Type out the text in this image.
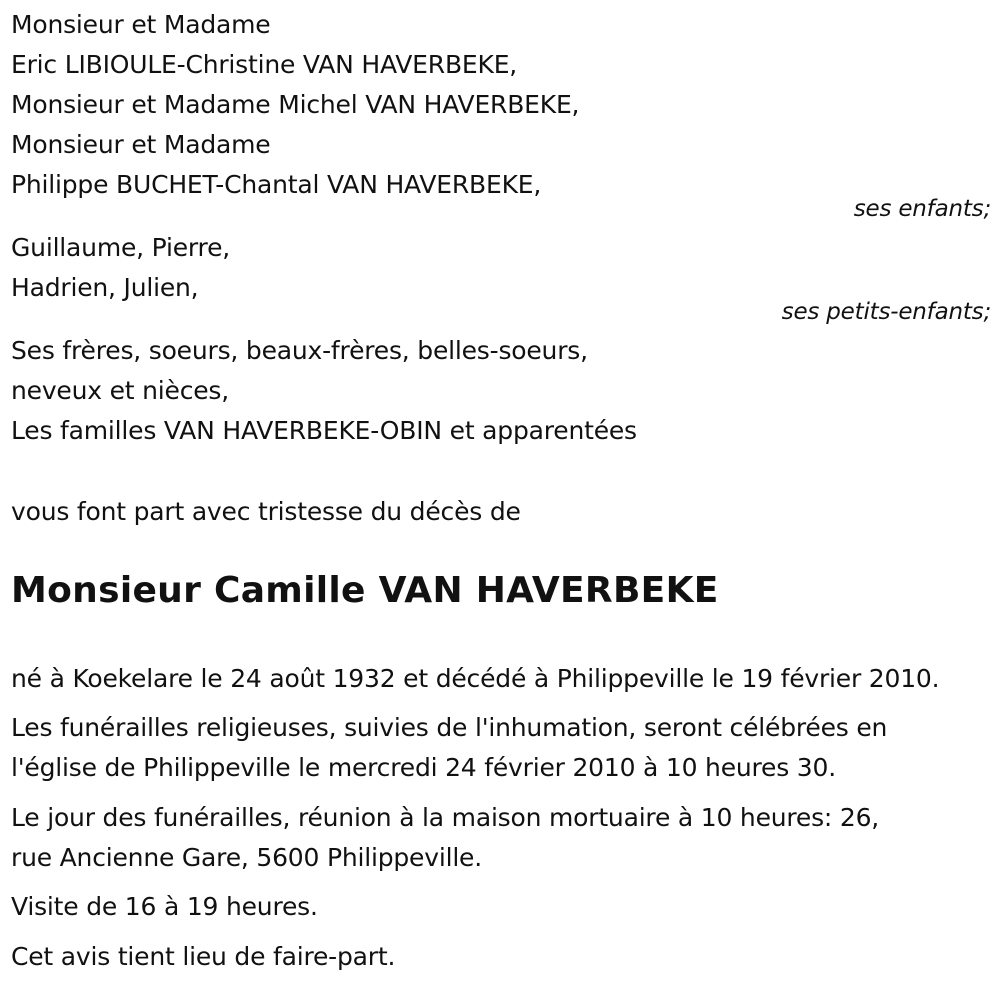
Monsieur et Madame
Eric LIBIOULE-Christine VAN HAVERBEKE,
Monsieur et Madame Michel VAN HAVERBEKE,
Monsieur et Madame
Philippe BUCHET-Chantal VAN HAVERBEKE,
ses enfants;
Guillaume, Pierre,
Hadrien, Julien,
ses petits-enfants;
Ses frères, soeurs, beaux-frères, belles-soeurs,
neveux et nièces,
Les familles VAN HAVERBEKE-OBIN et apparentées
vous font part avec tristesse du décès de
Monsieur Camille VAN HAVERBEKE
né à Koekelare le 24 août 1932 et décédé à Philippeville le 19 février 2010.
Les funérailles religieuses, suivies de l'inhumation, seront célébrées en
l'église de Philippeville le mercredi 24 février 2010 à 10 heures 30.
Le jour des funérailles, réunion à la maison mortuaire à 10 heures: 26,
rue Ancienne Gare, 5600 Philippeville.
Visite de 16 à 19 heures.
Cet avis tient lieu de faire-part.
